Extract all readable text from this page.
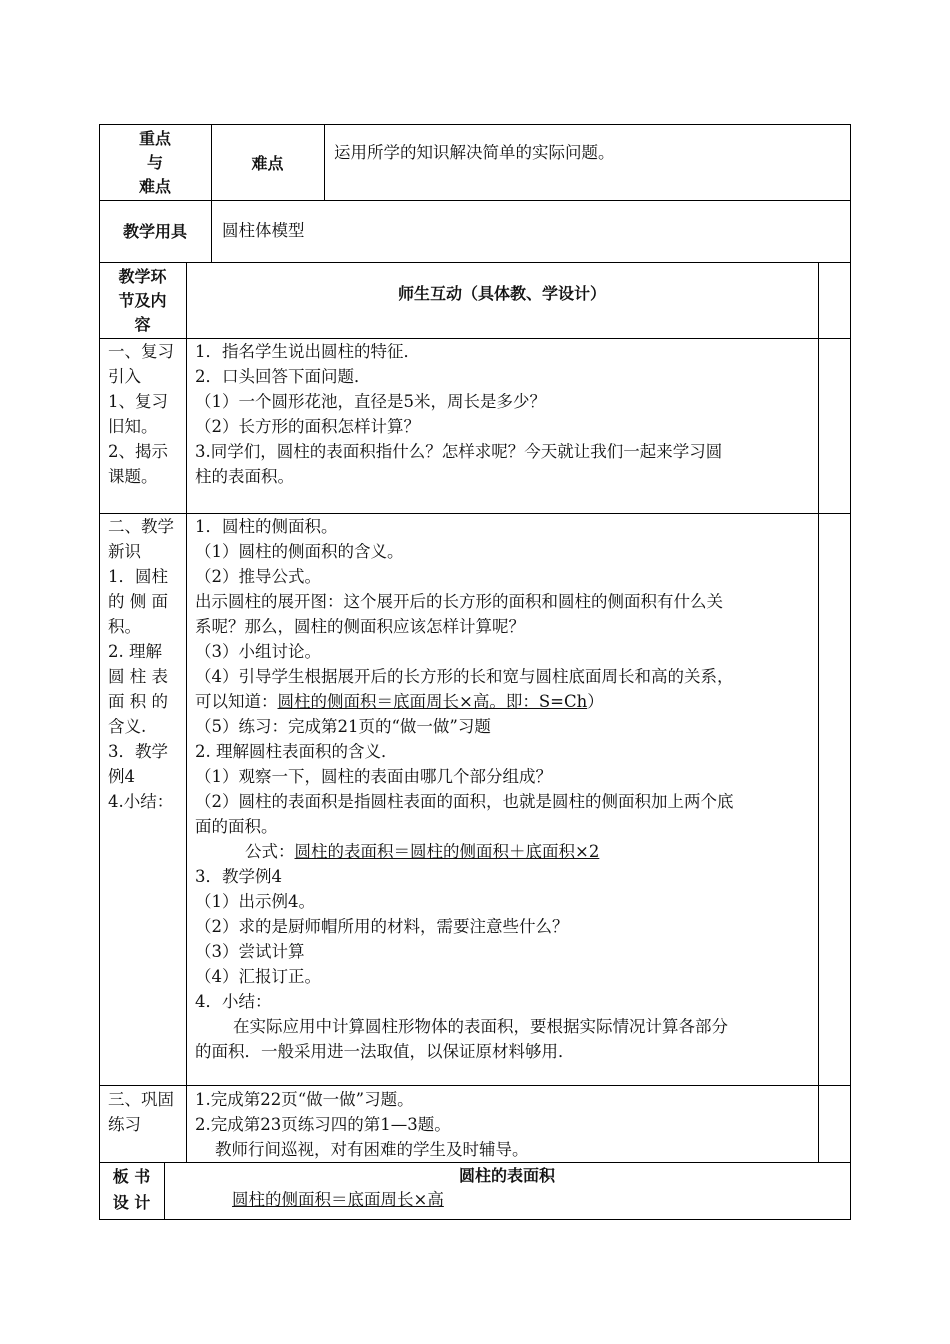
重点

与

难点

难点

运用所学的知识解决简单的实际问题。

教学用具	圆柱体模型

教学环

节及内

容

师生互动（具体教、学设计）

一、复习

引入

1、复习

旧知。

2、揭示

课题。

1．指名学生说出圆柱的特征．

2．口头回答下面问题．

（1）一个圆形花池，直径是5米，周长是多少？

（2）长方形的面积怎样计算？

3.同学们，圆柱的表面积指什么？怎样求呢？今天就让我们一起来学习圆

柱的表面积。

二、教学

新识

1．圆柱

的 侧 面

积。

2. 理解

圆 柱 表

面 积 的

含义.

3．教学

例4

4.小结：

1．圆柱的侧面积。

（1）圆柱的侧面积的含义。

（2）推导公式。

出示圆柱的展开图：这个展开后的长方形的面积和圆柱的侧面积有什么关

系呢？那么，圆柱的侧面积应该怎样计算呢？

（3）小组讨论。

（4）引导学生根据展开后的长方形的长和宽与圆柱底面周长和高的关系，

可以知道：圆柱的侧面积＝底面周长×高。即：S=Ch）

（5）练习：完成第21页的“做一做”习题

2. 理解圆柱表面积的含义．

（1）观察一下，圆柱的表面由哪几个部分组成？

（2）圆柱的表面积是指圆柱表面的面积，也就是圆柱的侧面积加上两个底

面的面积。

公式：圆柱的表面积＝圆柱的侧面积＋底面积×2

3．教学例4

（1）出示例4。

（2）求的是厨师帽所用的材料，需要注意些什么？

（3）尝试计算

（4）汇报订正。

4．小结：

在实际应用中计算圆柱形物体的表面积，要根据实际情况计算各部分

的面积．一般采用进一法取值，以保证原材料够用．

三、巩固

练习

1.完成第22页“做一做”习题。

2.完成第23页练习四的第1—3题。

教师行间巡视，对有困难的学生及时辅导。

板 书

设 计

圆柱的表面积

圆柱的侧面积＝底面周长×高
